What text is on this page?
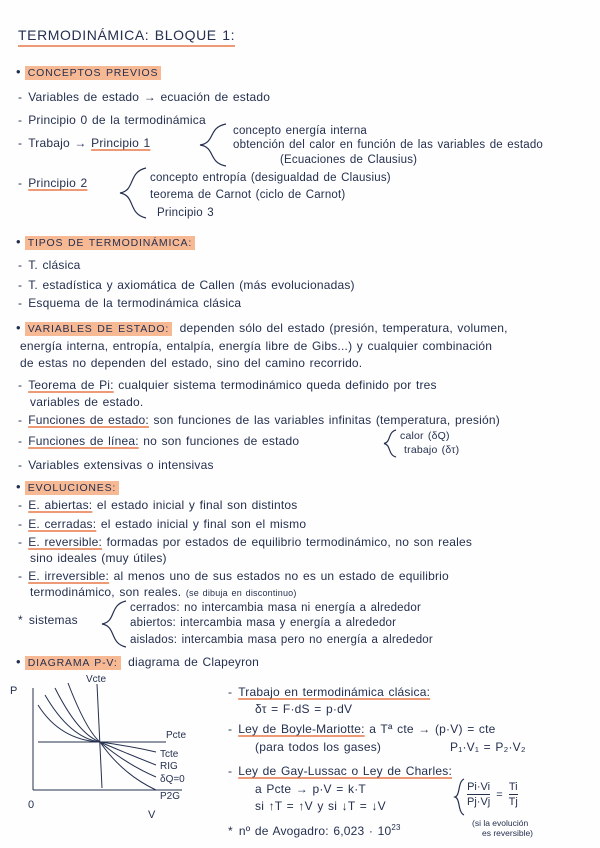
TERMODINÁMICA: BLOQUE 1:
• CONCEPTOS PREVIOS
- Variables de estado → ecuación de estado
- Principio 0 de la termodinámica
- Trabajo → Principio 1
concepto energía interna
obtención del calor en función de las variables de estado
(Ecuaciones de Clausius)
- Principio 2	concepto entropía (desigualdad de Clausius)
teorema de Carnot (ciclo de Carnot)
Principio 3
• TIPOS DE TERMODINÁMICA:
- T. clásica
- T. estadística y axiomática de Callen (más evolucionadas)
- Esquema de la termodinámica clásica
• VARIABLES DE ESTADO: dependen sólo del estado (presión, temperatura, volumen,
energía interna, entropía, entalpía, energía libre de Gibs...) y cualquier combinación
de estas no dependen del estado, sino del camino recorrido.
- Teorema de Pi: cualquier sistema termodinámico queda definido por tres
variables de estado.
- Funciones de estado: son funciones de las variables infinitas (temperatura, presión)
- Funciones de línea: no son funciones de estado	calor (δQ)
trabajo (δτ)
- Variables extensivas o intensivas
• EVOLUCIONES:
- E. abiertas: el estado inicial y final son distintos
- E. cerradas: el estado inicial y final son el mismo
- E. reversible: formadas por estados de equilibrio termodinámico, no son reales
sino ideales (muy útiles)
- E. irreversible: al menos uno de sus estados no es un estado de equilibrio
termodinámico, son reales. (se dibuja en discontinuo)
* sistemas
cerrados: no intercambia masa ni energía a alrededor
abiertos: intercambia masa y energía a alrededor
aislados: intercambia masa pero no energía a alrededor
• DIAGRAMA P-V: diagrama de Clapeyron
P
0
V
Vcte
Pcte
Tcte
RIG
δQ=0
P2G
- Trabajo en termodinámica clásica:
δτ = F·dS = p·dV
- Ley de Boyle-Mariotte: a Tª cte → (p·V) = cte
(para todos los gases)	P₁·V₁ = P₂·V₂
- Ley de Gay-Lussac o Ley de Charles:
a Pcte → p·V = k·T
si ↑T = ↑V y si ↓T = ↓V	$\frac{Pi\cdot Vi}{Pj\cdot Vj} = \frac{Ti}{Tj}$
* nº de Avogadro: $6,023 \cdot 10^{23}$	(si la evolución
es reversible)
